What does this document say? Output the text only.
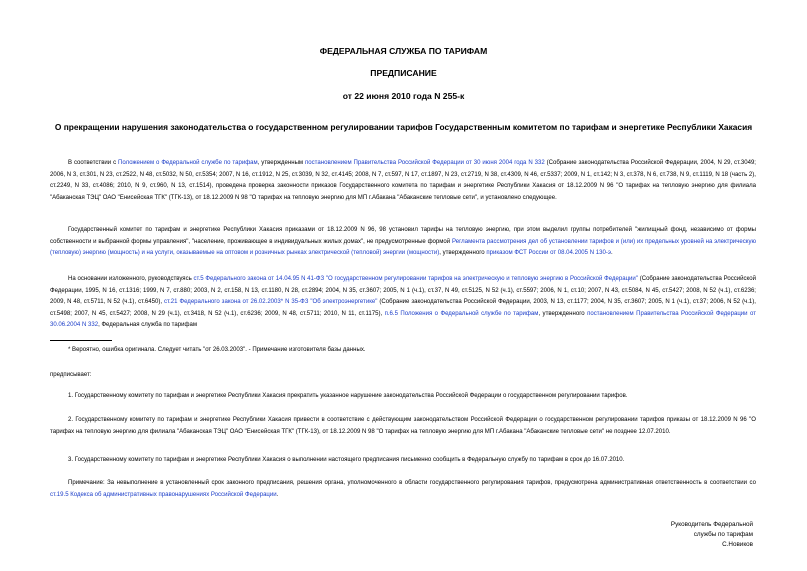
ФЕДЕРАЛЬНАЯ СЛУЖБА ПО ТАРИФАМ
ПРЕДПИСАНИЕ
от 22 июня 2010 года N 255-к
О прекращении нарушения законодательства о государственном регулировании тарифов Государственным комитетом по тарифам и энергетике Республики Хакасия
В соответствии с Положением о Федеральной службе по тарифам, утвержденным постановлением Правительства Российской Федерации от 30 июня 2004 года N 332 (Собрание законодательства Российской Федерации, 2004, N 29, ст.3049; 2006, N 3, ст.301, N 23, ст.2522, N 48, ст.5032, N 50, ст.5354; 2007, N 16, ст.1912, N 25, ст.3039, N 32, ст.4145; 2008, N 7, ст.597, N 17, ст.1897, N 23, ст.2719, N 38, ст.4309, N 46, ст.5337; 2009, N 1, ст.142; N 3, ст.378, N 6, ст.738, N 9, ст.1119, N 18 (часть 2), ст.2249, N 33, ст.4086; 2010, N 9, ст.960, N 13, ст.1514), проведена проверка законности приказов Государственного комитета по тарифам и энергетике Республики Хакасия от 18.12.2009 N 96 "О тарифах на тепловую энергию для филиала "Абаканская ТЭЦ" ОАО "Енисейская ТГК" (ТГК-13), от 18.12.2009 N 98 "О тарифах на тепловую энергию для МП г.Абакана "Абаканские тепловые сети", и установлено следующее.
Государственный комитет по тарифам и энергетике Республики Хакасия приказами от 18.12.2009 N 96, 98 установил тарифы на тепловую энергию, при этом выделил группы потребителей "жилищный фонд, независимо от формы собственности и выбранной формы управления", "население, проживающее в индивидуальных жилых домах", не предусмотренные формой Регламента рассмотрения дел об установлении тарифов и (или) их предельных уровней на электрическую (тепловую) энергию (мощность) и на услуги, оказываемые на оптовом и розничных рынках электрической (тепловой) энергии (мощности), утвержденного приказом ФСТ России от 08.04.2005 N 130-э.
На основании изложенного, руководствуясь ст.5 Федерального закона от 14.04.95 N 41-ФЗ "О государственном регулировании тарифов на электрическую и тепловую энергию в Российской Федерации" (Собрание законодательства Российской Федерации, 1995, N 16, ст.1316; 1999, N 7, ст.880; 2003, N 2, ст.158, N 13, ст.1180, N 28, ст.2894; 2004, N 35, ст.3607; 2005, N 1 (ч.1), ст.37, N 49, ст.5125, N 52 (ч.1), ст.5597; 2006, N 1, ст.10; 2007, N 43, ст.5084, N 45, ст.5427; 2008, N 52 (ч.1), ст.6236; 2009, N 48, ст.5711, N 52 (ч.1), ст.6450), ст.21 Федерального закона от 26.02.2003* N 35-ФЗ "Об электроэнергетике" (Собрание законодательства Российской Федерации, 2003, N 13, ст.1177; 2004, N 35, ст.3607; 2005, N 1 (ч.1), ст.37; 2006, N 52 (ч.1), ст.5498; 2007, N 45, ст.5427; 2008, N 29 (ч.1), ст.3418, N 52 (ч.1), ст.6236; 2009, N 48, ст.5711; 2010, N 11, ст.1175), п.6.5 Положения о Федеральной службе по тарифам, утвержденного постановлением Правительства Российской Федерации от 30.06.2004 N 332, Федеральная служба по тарифам
* Вероятно, ошибка оригинала. Следует читать "от 26.03.2003". - Примечание изготовителя базы данных.
предписывает:
1. Государственному комитету по тарифам и энергетике Республики Хакасия прекратить указанное нарушение законодательства Российской Федерации о государственном регулировании тарифов.
2. Государственному комитету по тарифам и энергетике Республики Хакасия привести в соответствие с действующим законодательством Российской Федерации о государственном регулировании тарифов приказы от 18.12.2009 N 96 "О тарифах на тепловую энергию для филиала "Абаканская ТЭЦ" ОАО "Енисейская ТГК" (ТГК-13), от 18.12.2009 N 98 "О тарифах на тепловую энергию для МП г.Абакана "Абаканские тепловые сети" не позднее 12.07.2010.
3. Государственному комитету по тарифам и энергетике Республики Хакасия о выполнении настоящего предписания письменно сообщить в Федеральную службу по тарифам в срок до 16.07.2010.
Примечание: За невыполнение в установленный срок законного предписания, решения органа, уполномоченного в области государственного регулирования тарифов, предусмотрена административная ответственность в соответствии со ст.19.5 Кодекса об административных правонарушениях Российской Федерации.
Руководитель Федеральной
службы по тарифам
С.Новиков
